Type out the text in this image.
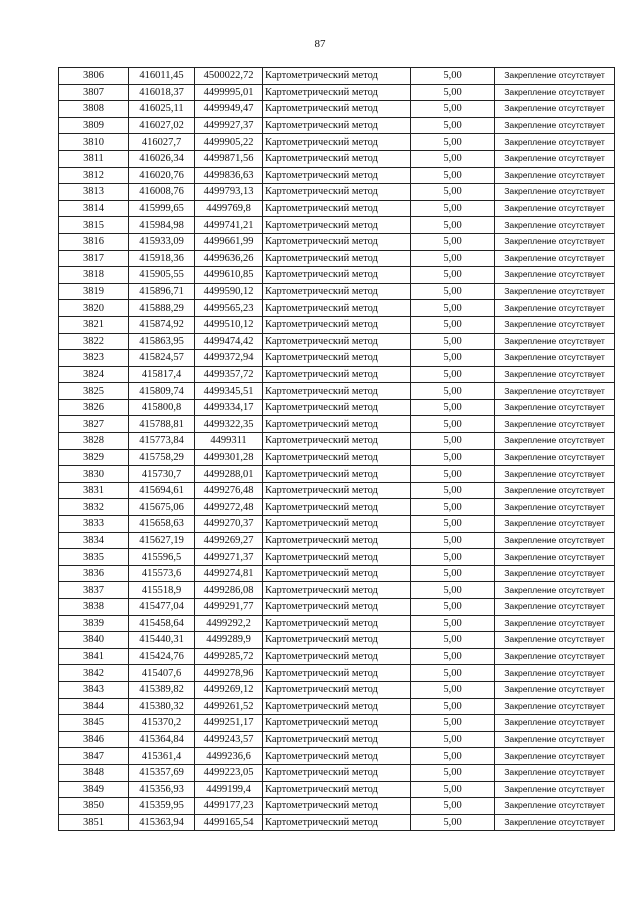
87
3806	416011,45	4500022,72	Картометрический метод	5,00	Закрепление отсутствует
3807	416018,37	4499995,01	Картометрический метод	5,00	Закрепление отсутствует
3808	416025,11	4499949,47	Картометрический метод	5,00	Закрепление отсутствует
3809	416027,02	4499927,37	Картометрический метод	5,00	Закрепление отсутствует
3810	416027,7	4499905,22	Картометрический метод	5,00	Закрепление отсутствует
3811	416026,34	4499871,56	Картометрический метод	5,00	Закрепление отсутствует
3812	416020,76	4499836,63	Картометрический метод	5,00	Закрепление отсутствует
3813	416008,76	4499793,13	Картометрический метод	5,00	Закрепление отсутствует
3814	415999,65	4499769,8	Картометрический метод	5,00	Закрепление отсутствует
3815	415984,98	4499741,21	Картометрический метод	5,00	Закрепление отсутствует
3816	415933,09	4499661,99	Картометрический метод	5,00	Закрепление отсутствует
3817	415918,36	4499636,26	Картометрический метод	5,00	Закрепление отсутствует
3818	415905,55	4499610,85	Картометрический метод	5,00	Закрепление отсутствует
3819	415896,71	4499590,12	Картометрический метод	5,00	Закрепление отсутствует
3820	415888,29	4499565,23	Картометрический метод	5,00	Закрепление отсутствует
3821	415874,92	4499510,12	Картометрический метод	5,00	Закрепление отсутствует
3822	415863,95	4499474,42	Картометрический метод	5,00	Закрепление отсутствует
3823	415824,57	4499372,94	Картометрический метод	5,00	Закрепление отсутствует
3824	415817,4	4499357,72	Картометрический метод	5,00	Закрепление отсутствует
3825	415809,74	4499345,51	Картометрический метод	5,00	Закрепление отсутствует
3826	415800,8	4499334,17	Картометрический метод	5,00	Закрепление отсутствует
3827	415788,81	4499322,35	Картометрический метод	5,00	Закрепление отсутствует
3828	415773,84	4499311	Картометрический метод	5,00	Закрепление отсутствует
3829	415758,29	4499301,28	Картометрический метод	5,00	Закрепление отсутствует
3830	415730,7	4499288,01	Картометрический метод	5,00	Закрепление отсутствует
3831	415694,61	4499276,48	Картометрический метод	5,00	Закрепление отсутствует
3832	415675,06	4499272,48	Картометрический метод	5,00	Закрепление отсутствует
3833	415658,63	4499270,37	Картометрический метод	5,00	Закрепление отсутствует
3834	415627,19	4499269,27	Картометрический метод	5,00	Закрепление отсутствует
3835	415596,5	4499271,37	Картометрический метод	5,00	Закрепление отсутствует
3836	415573,6	4499274,81	Картометрический метод	5,00	Закрепление отсутствует
3837	415518,9	4499286,08	Картометрический метод	5,00	Закрепление отсутствует
3838	415477,04	4499291,77	Картометрический метод	5,00	Закрепление отсутствует
3839	415458,64	4499292,2	Картометрический метод	5,00	Закрепление отсутствует
3840	415440,31	4499289,9	Картометрический метод	5,00	Закрепление отсутствует
3841	415424,76	4499285,72	Картометрический метод	5,00	Закрепление отсутствует
3842	415407,6	4499278,96	Картометрический метод	5,00	Закрепление отсутствует
3843	415389,82	4499269,12	Картометрический метод	5,00	Закрепление отсутствует
3844	415380,32	4499261,52	Картометрический метод	5,00	Закрепление отсутствует
3845	415370,2	4499251,17	Картометрический метод	5,00	Закрепление отсутствует
3846	415364,84	4499243,57	Картометрический метод	5,00	Закрепление отсутствует
3847	415361,4	4499236,6	Картометрический метод	5,00	Закрепление отсутствует
3848	415357,69	4499223,05	Картометрический метод	5,00	Закрепление отсутствует
3849	415356,93	4499199,4	Картометрический метод	5,00	Закрепление отсутствует
3850	415359,95	4499177,23	Картометрический метод	5,00	Закрепление отсутствует
3851	415363,94	4499165,54	Картометрический метод	5,00	Закрепление отсутствует
